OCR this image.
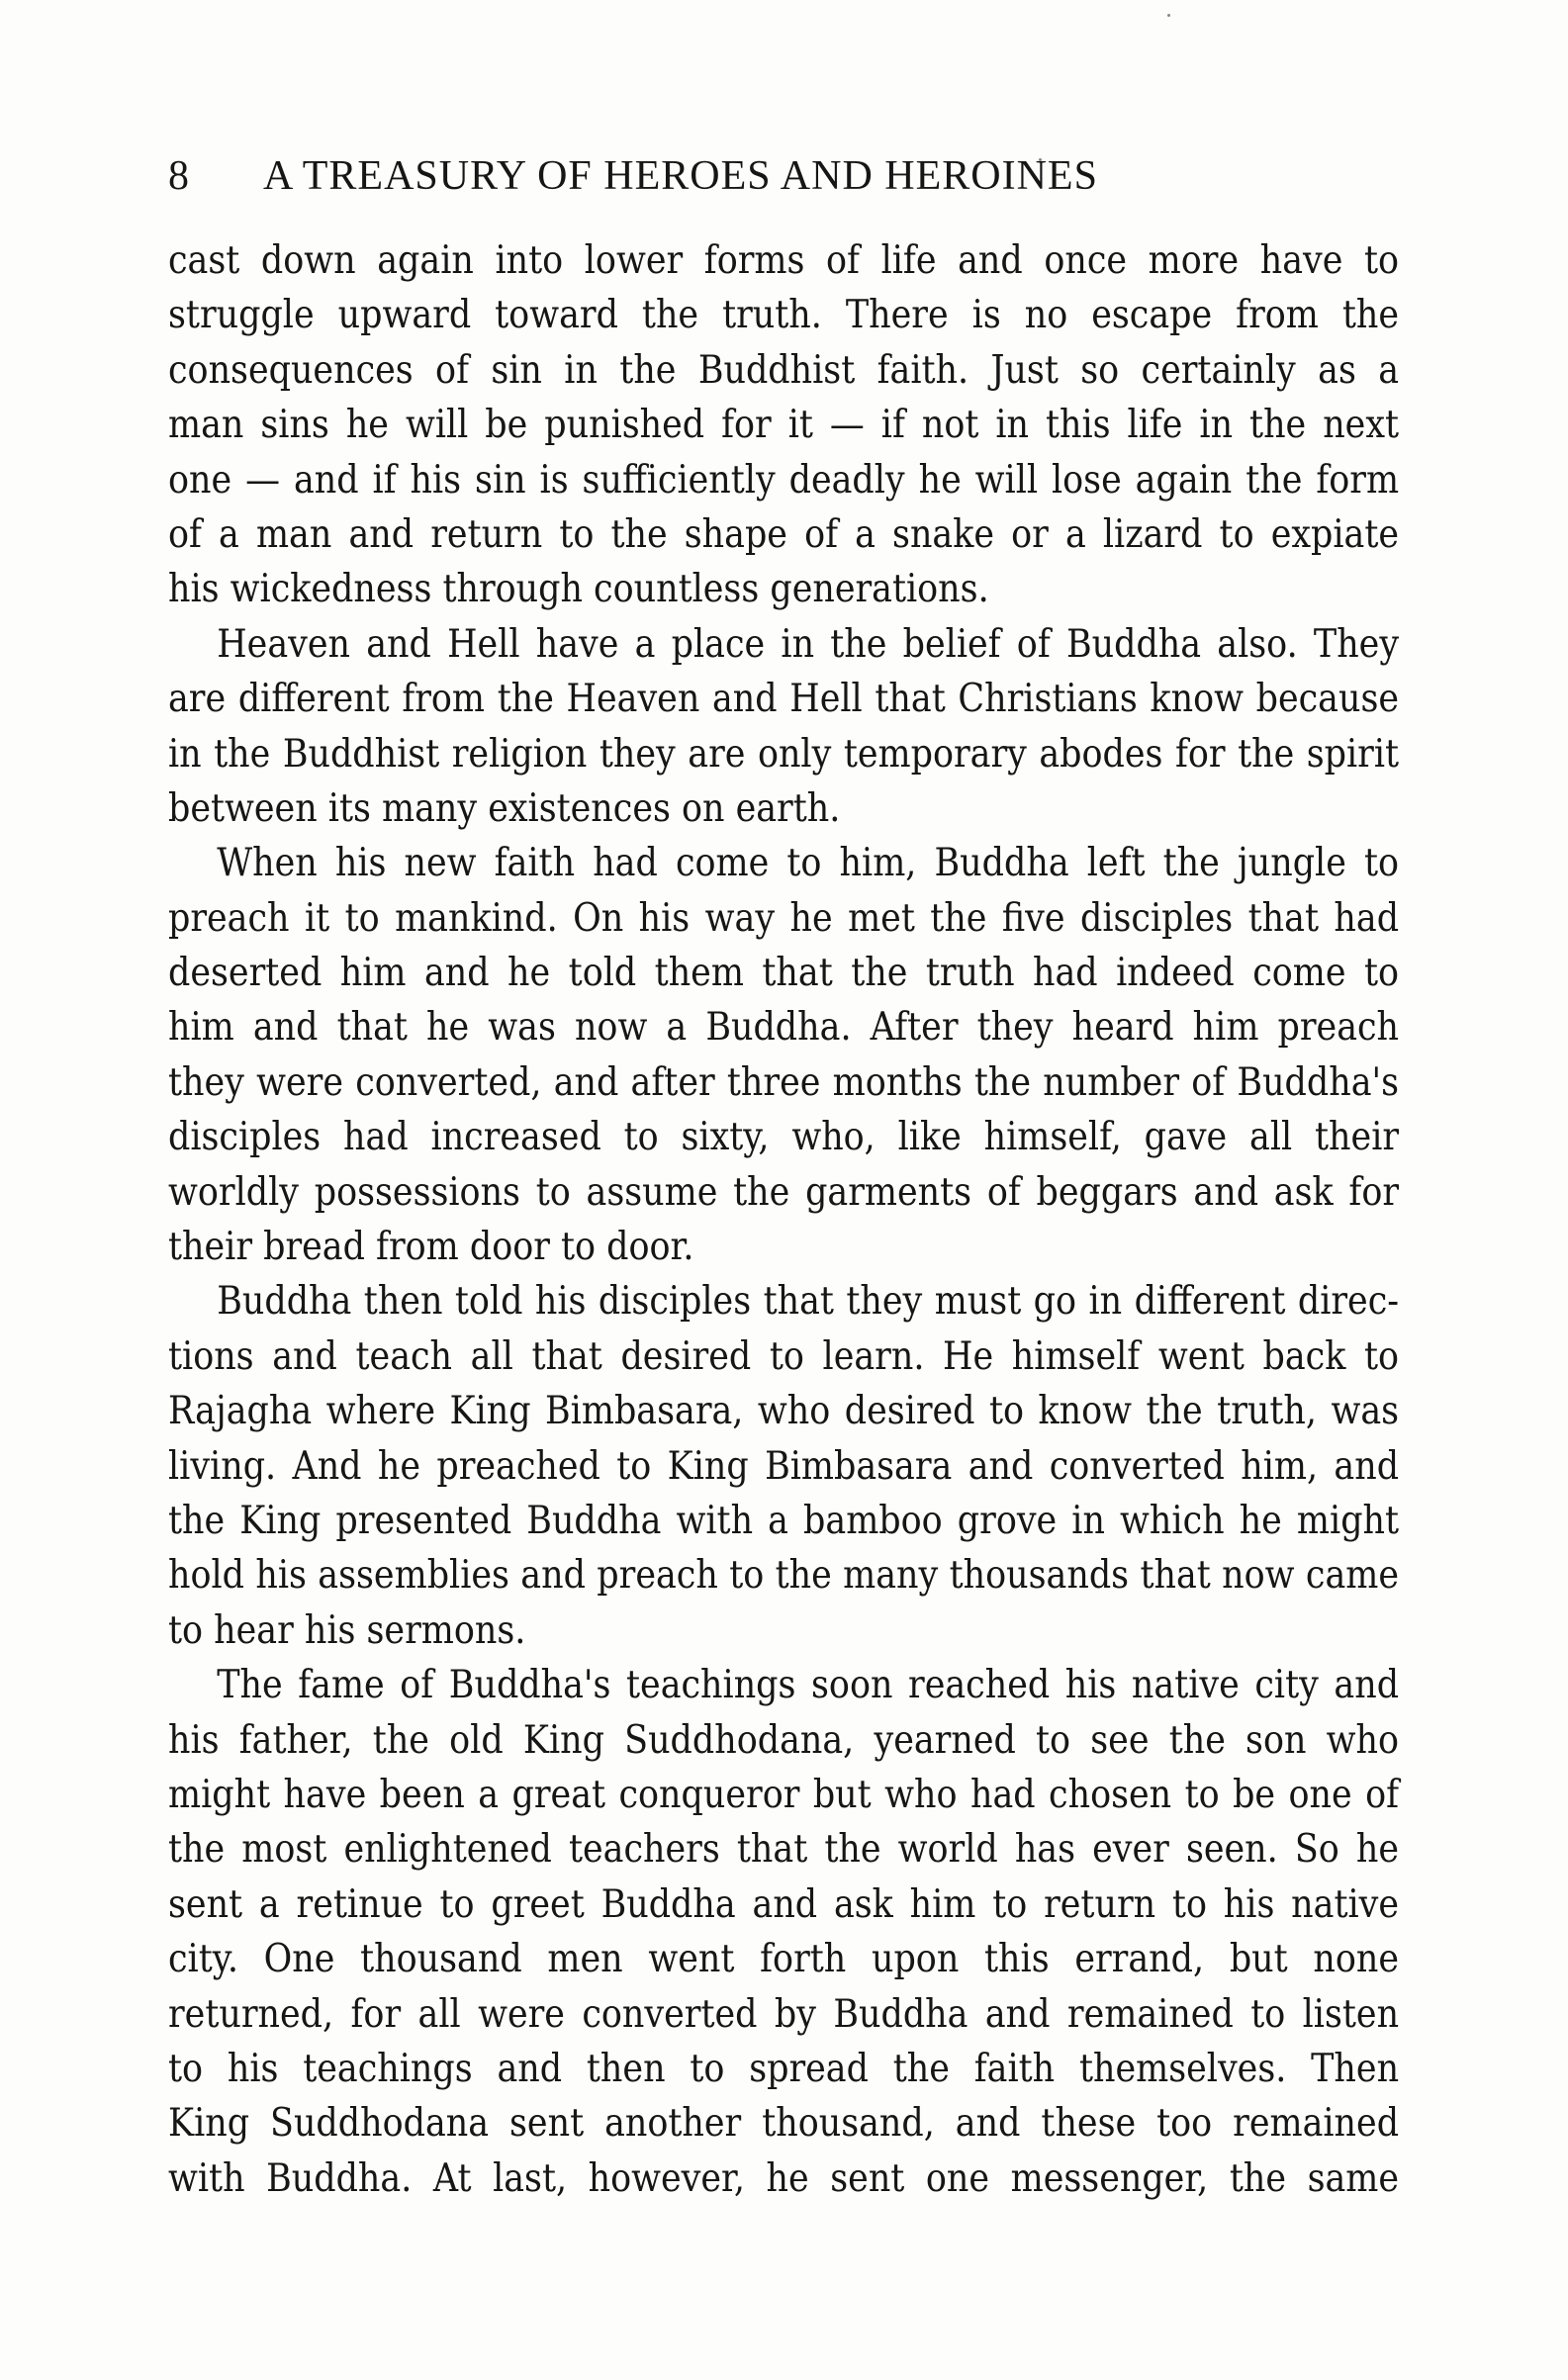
8 A TREASURY OF HEROES AND HEROINES
cast down again into lower forms of life and once more have to
struggle upward toward the truth. There is no escape from the
consequences of sin in the Buddhist faith. Just so certainly as a
man sins he will be punished for it — if not in this life in the next
one — and if his sin is sufficiently deadly he will lose again the form
of a man and return to the shape of a snake or a lizard to expiate
his wickedness through countless generations.
Heaven and Hell have a place in the belief of Buddha also. They
are different from the Heaven and Hell that Christians know because
in the Buddhist religion they are only temporary abodes for the spirit
between its many existences on earth.
When his new faith had come to him, Buddha left the jungle to
preach it to mankind. On his way he met the five disciples that had
deserted him and he told them that the truth had indeed come to
him and that he was now a Buddha. After they heard him preach
they were converted, and after three months the number of Buddha's
disciples had increased to sixty, who, like himself, gave all their
worldly possessions to assume the garments of beggars and ask for
their bread from door to door.
Buddha then told his disciples that they must go in different direc-
tions and teach all that desired to learn. He himself went back to
Rajagha where King Bimbasara, who desired to know the truth, was
living. And he preached to King Bimbasara and converted him, and
the King presented Buddha with a bamboo grove in which he might
hold his assemblies and preach to the many thousands that now came
to hear his sermons.
The fame of Buddha's teachings soon reached his native city and
his father, the old King Suddhodana, yearned to see the son who
might have been a great conqueror but who had chosen to be one of
the most enlightened teachers that the world has ever seen. So he
sent a retinue to greet Buddha and ask him to return to his native
city. One thousand men went forth upon this errand, but none
returned, for all were converted by Buddha and remained to listen
to his teachings and then to spread the faith themselves. Then
King Suddhodana sent another thousand, and these too remained
with Buddha. At last, however, he sent one messenger, the same
